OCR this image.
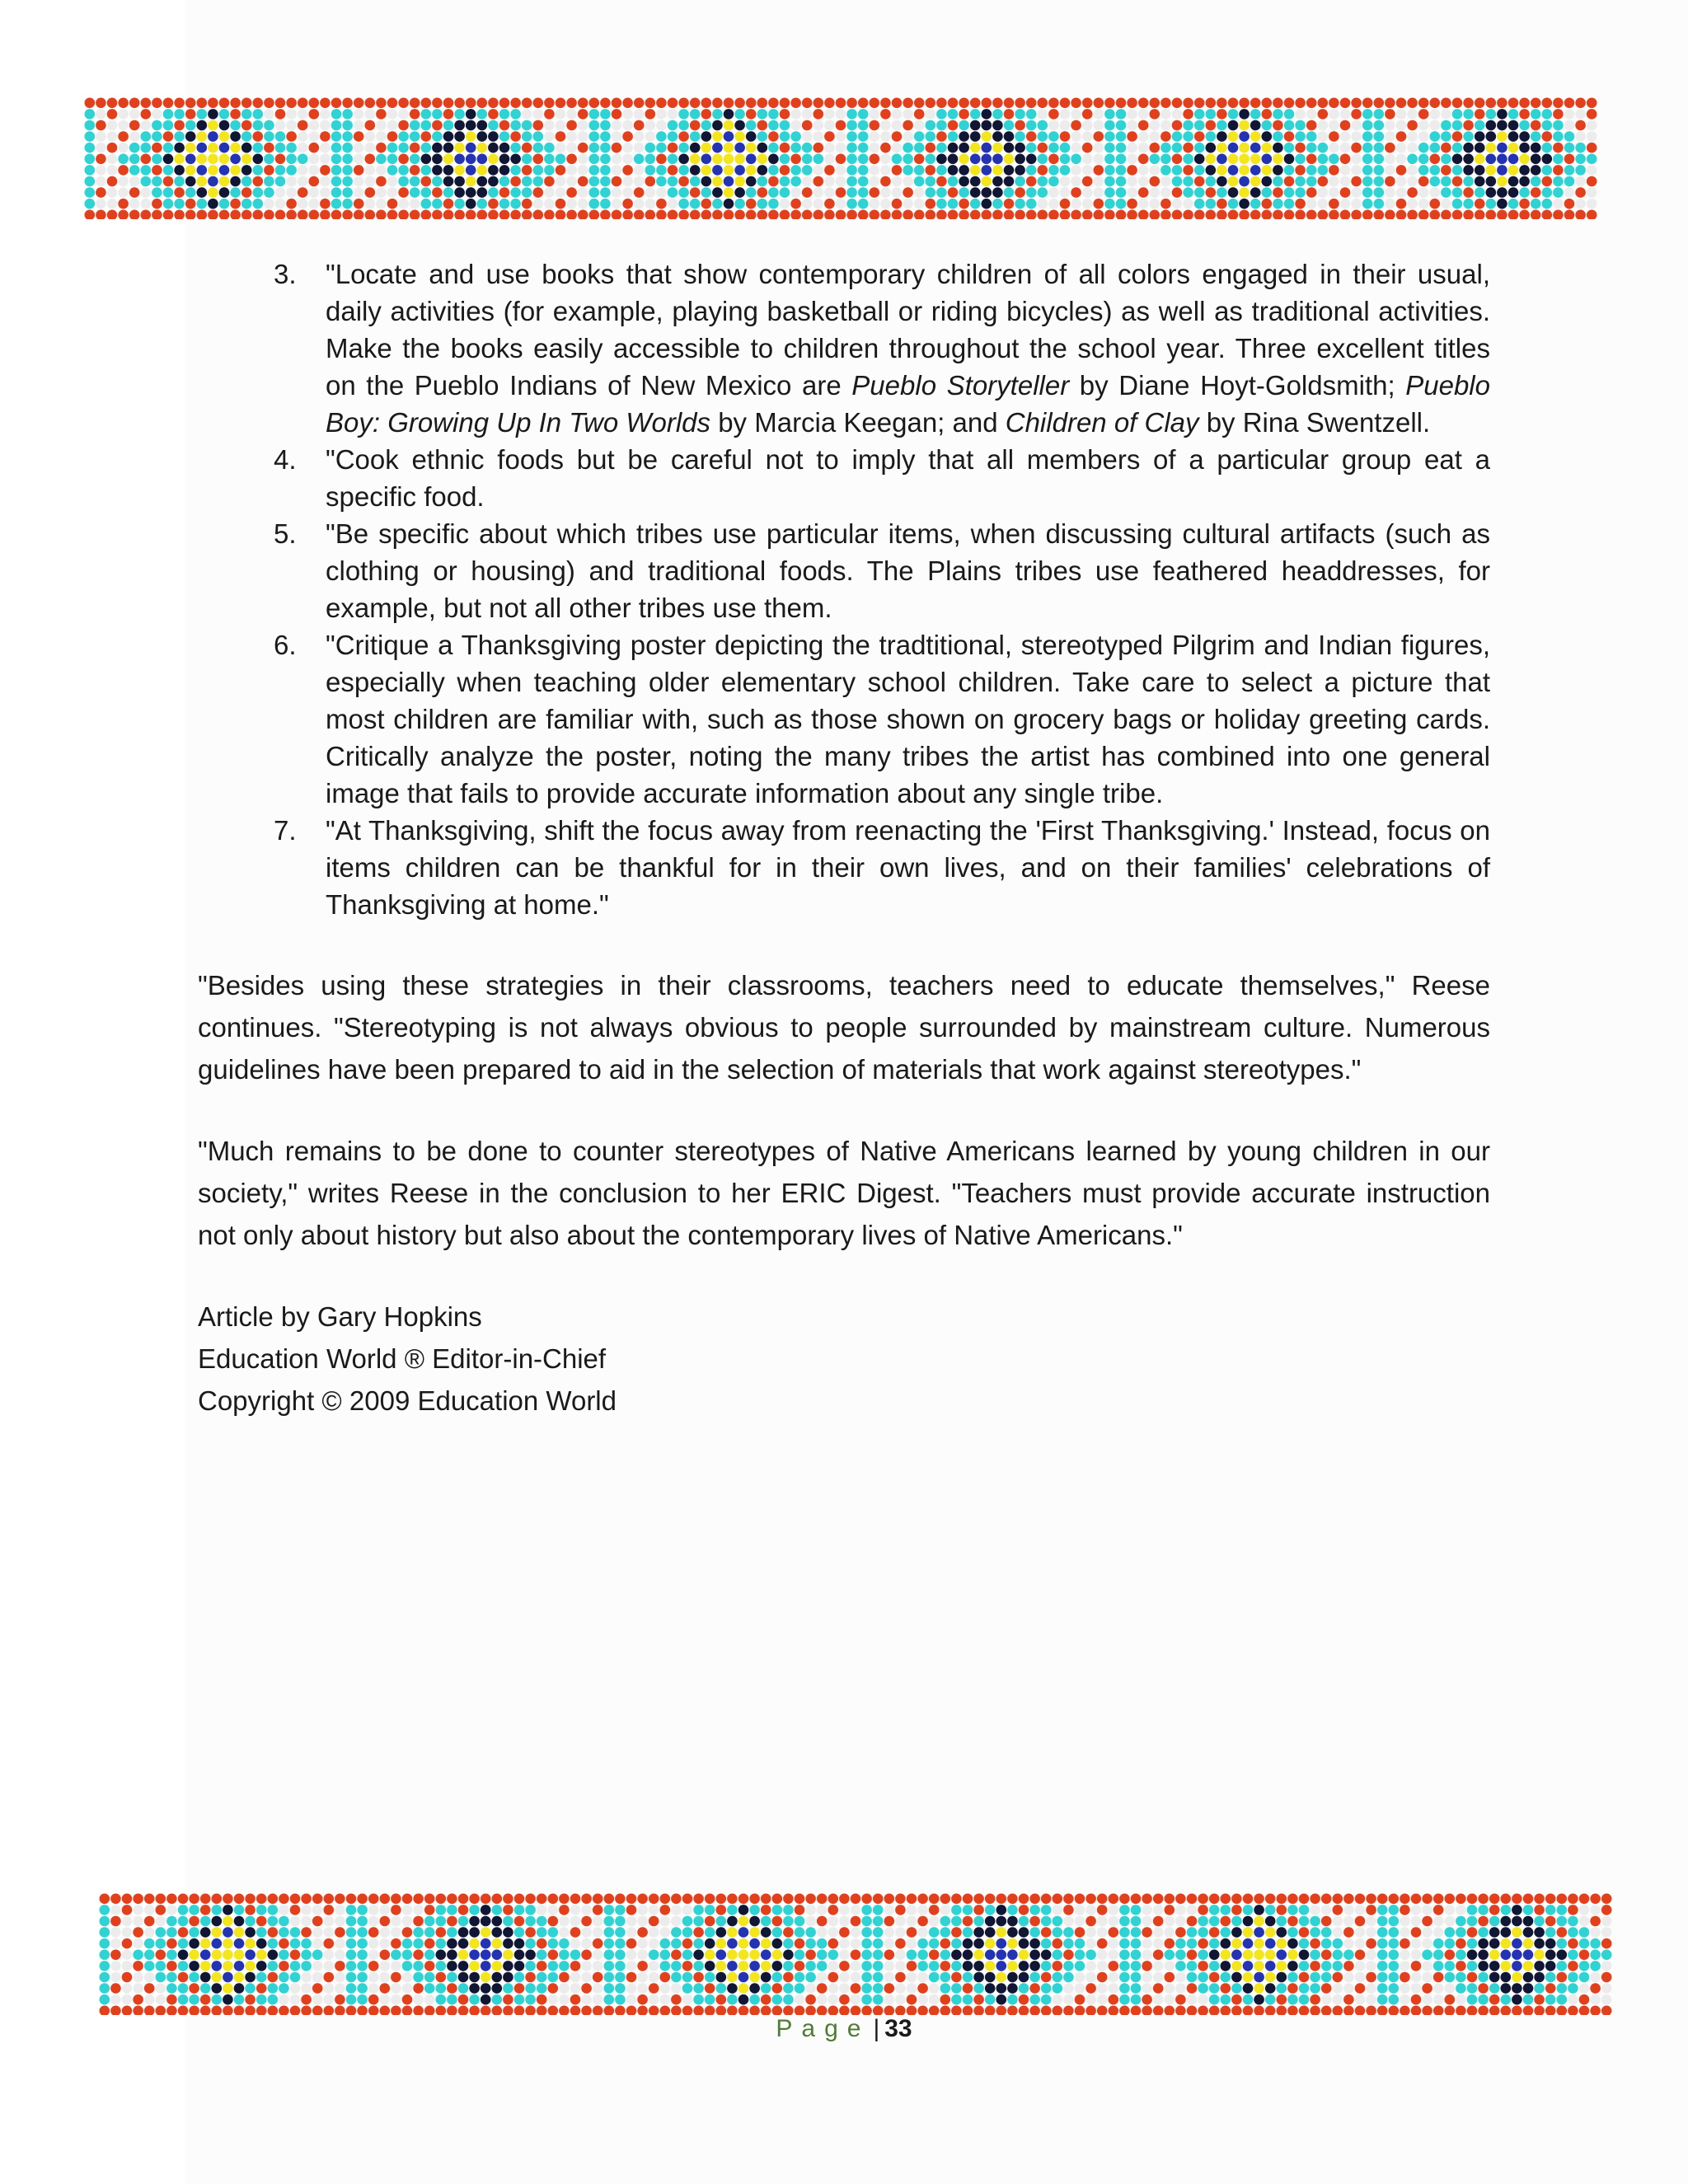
3. "Locate and use books that show contemporary children of all colors engaged in their usual, daily activities (for example, playing basketball or riding bicycles) as well as traditional activities. Make the books easily accessible to children throughout the school year. Three excellent titles on the Pueblo Indians of New Mexico are Pueblo Storyteller by Diane Hoyt-Goldsmith; Pueblo Boy: Growing Up In Two Worlds by Marcia Keegan; and Children of Clay by Rina Swentzell.
4. "Cook ethnic foods but be careful not to imply that all members of a particular group eat a specific food.
5. "Be specific about which tribes use particular items, when discussing cultural artifacts (such as clothing or housing) and traditional foods. The Plains tribes use feathered headdresses, for example, but not all other tribes use them.
6. "Critique a Thanksgiving poster depicting the tradtitional, stereotyped Pilgrim and Indian figures, especially when teaching older elementary school children. Take care to select a picture that most children are familiar with, such as those shown on grocery bags or holiday greeting cards. Critically analyze the poster, noting the many tribes the artist has combined into one general image that fails to provide accurate information about any single tribe.
7. "At Thanksgiving, shift the focus away from reenacting the 'First Thanksgiving.' Instead, focus on items children can be thankful for in their own lives, and on their families' celebrations of Thanksgiving at home."

"Besides using these strategies in their classrooms, teachers need to educate themselves," Reese continues. "Stereotyping is not always obvious to people surrounded by mainstream culture. Numerous guidelines have been prepared to aid in the selection of materials that work against stereotypes."

"Much remains to be done to counter stereotypes of Native Americans learned by young children in our society," writes Reese in the conclusion to her ERIC Digest. "Teachers must provide accurate instruction not only about history but also about the contemporary lives of Native Americans."

Article by Gary Hopkins
Education World ® Editor-in-Chief
Copyright © 2009 Education World
Page | 33
